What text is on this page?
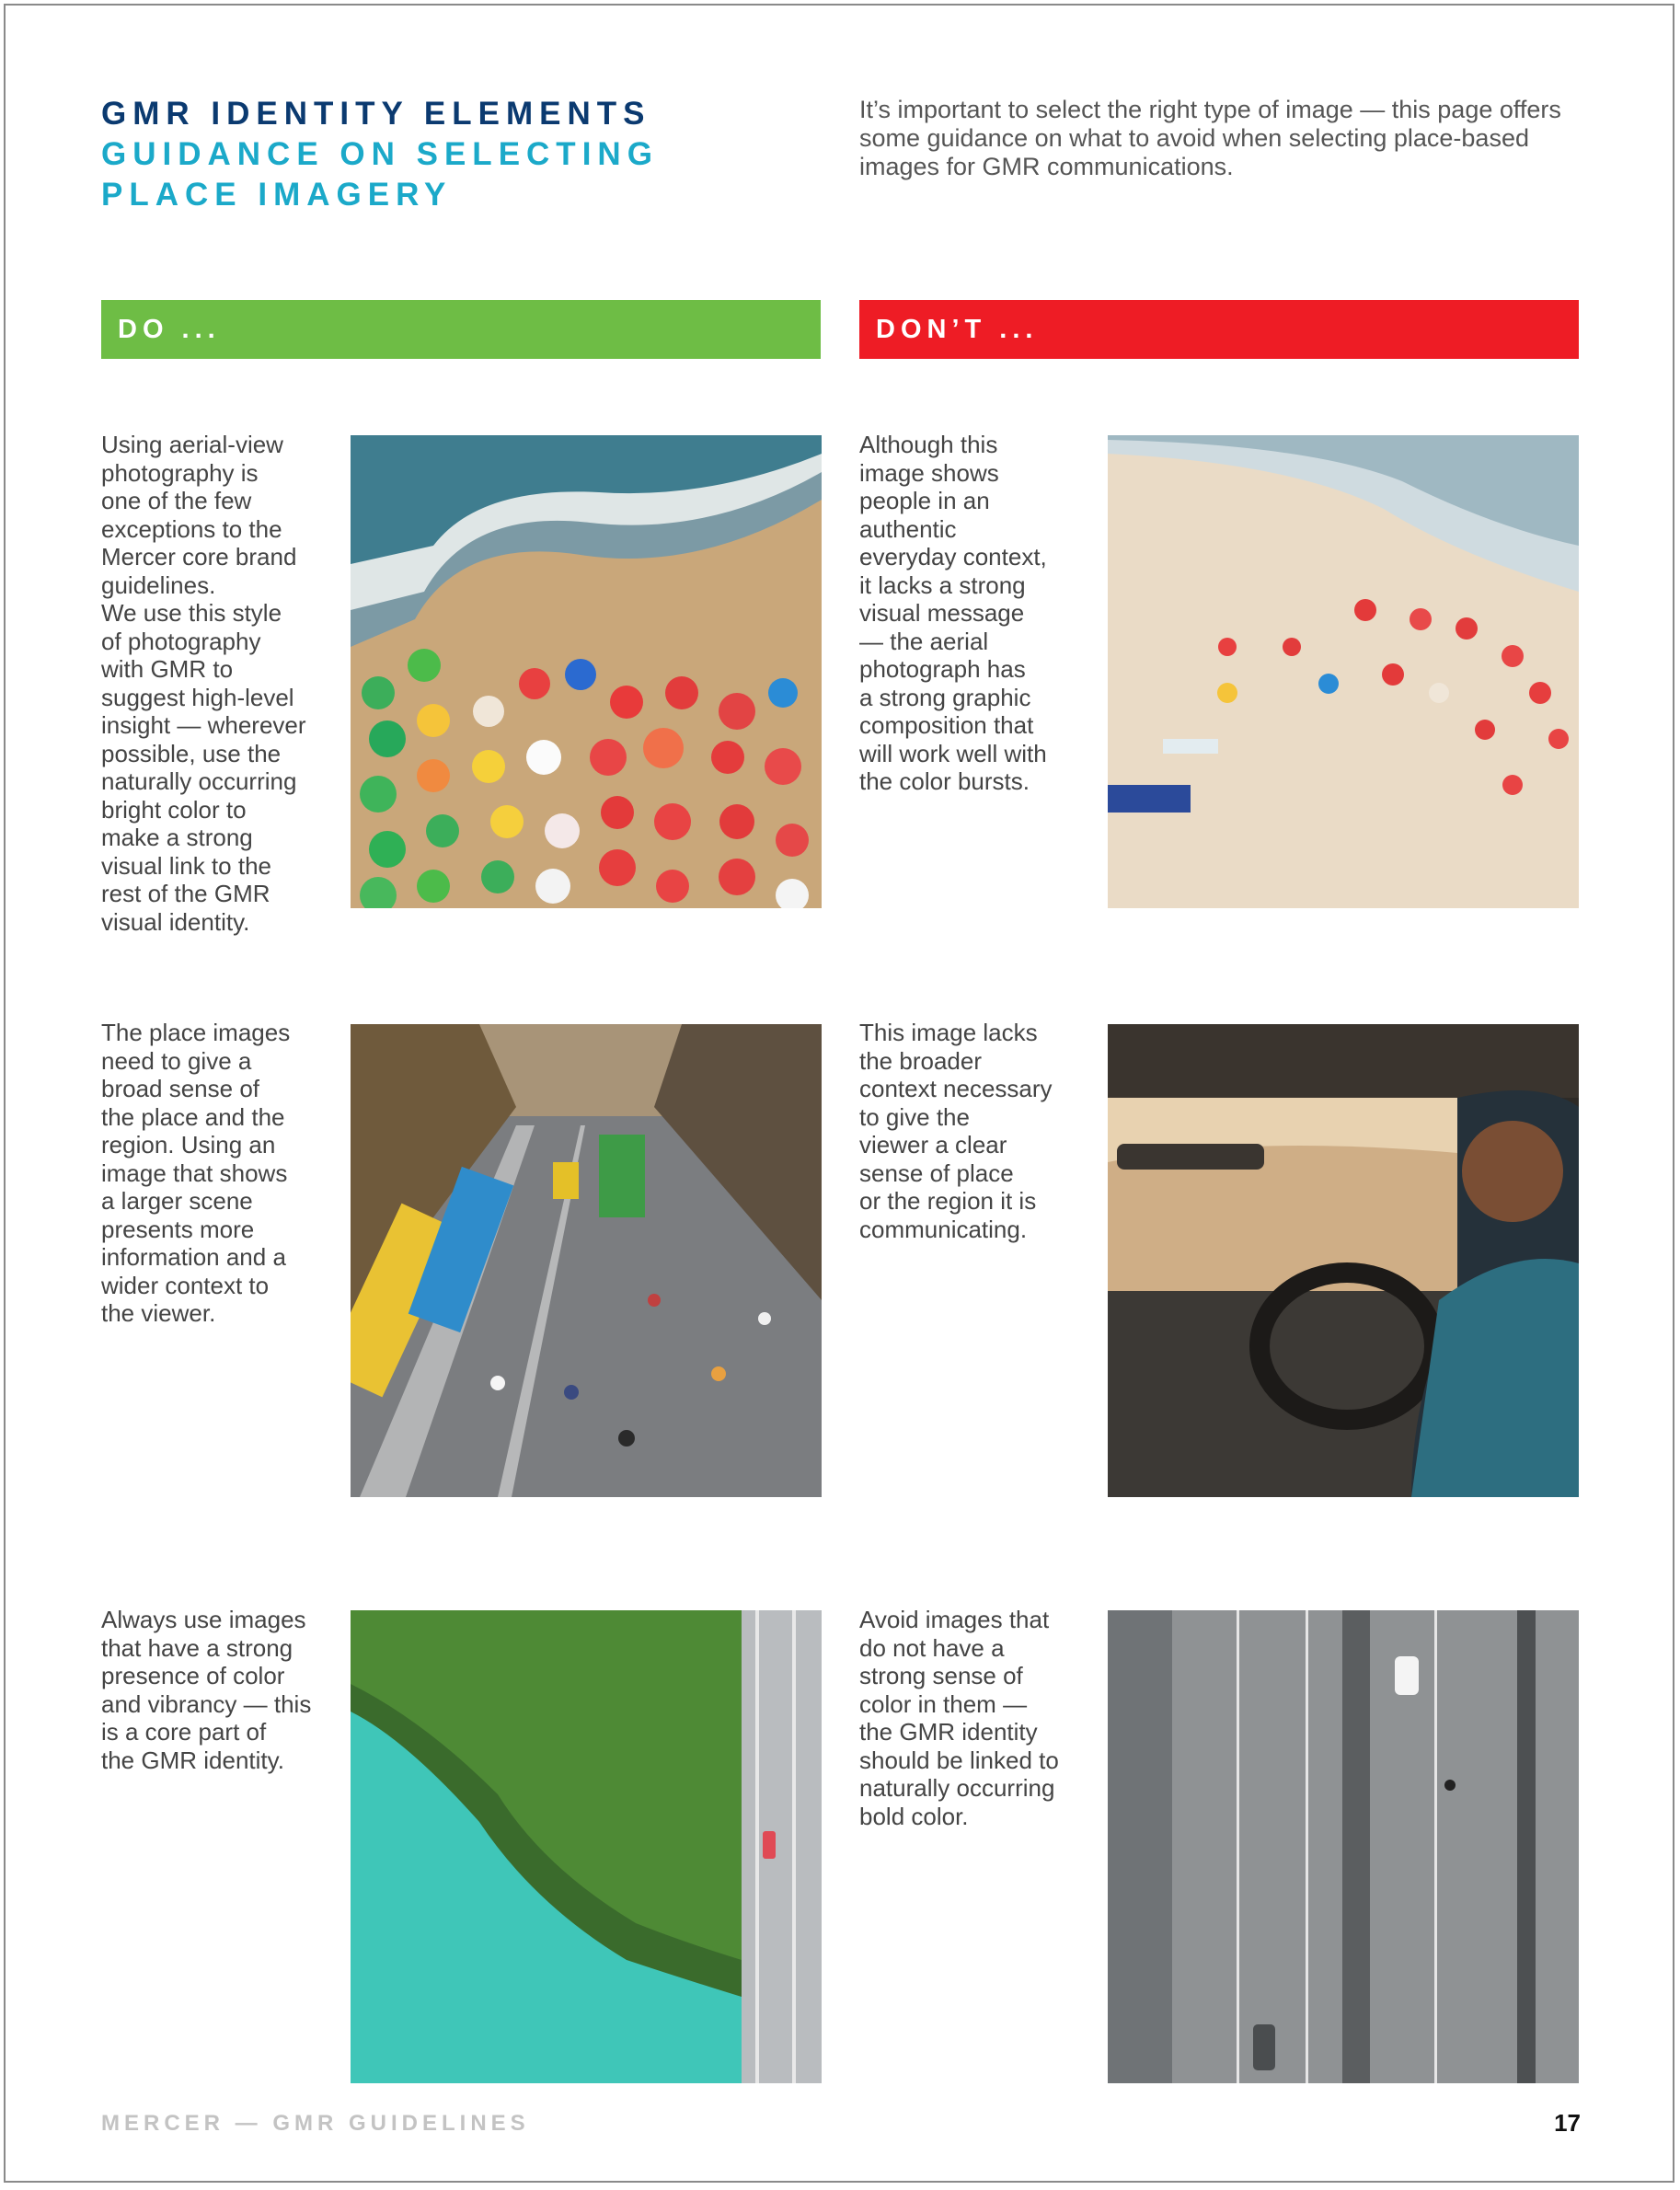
GMR IDENTITY ELEMENTS
GUIDANCE ON SELECTING
PLACE IMAGERY
It’s important to select the right type of image — this page offers some guidance on what to avoid when selecting place-based images for GMR communications.
DO ...	DON’T ...
Using aerial-view
photography is
one of the few
exceptions to the
Mercer core brand
guidelines.
We use this style
of photography
with GMR to
suggest high-level
insight — wherever
possible, use the
naturally occurring
bright color to
make a strong
visual link to the
rest of the GMR
visual identity.
Although this
image shows
people in an
authentic
everyday context,
it lacks a strong
visual message
— the aerial
photograph has
a strong graphic
composition that
will work well with
the color bursts.
The place images
need to give a
broad sense of
the place and the
region. Using an
image that shows
a larger scene
presents more
information and a
wider context to
the viewer.
This image lacks
the broader
context necessary
to give the
viewer a clear
sense of place
or the region it is
communicating.
Always use images
that have a strong
presence of color
and vibrancy — this
is a core part of
the GMR identity.
Avoid images that
do not have a
strong sense of
color in them —
the GMR identity
should be linked to
naturally occurring
bold color.
MERCER — GMR GUIDELINES	17
